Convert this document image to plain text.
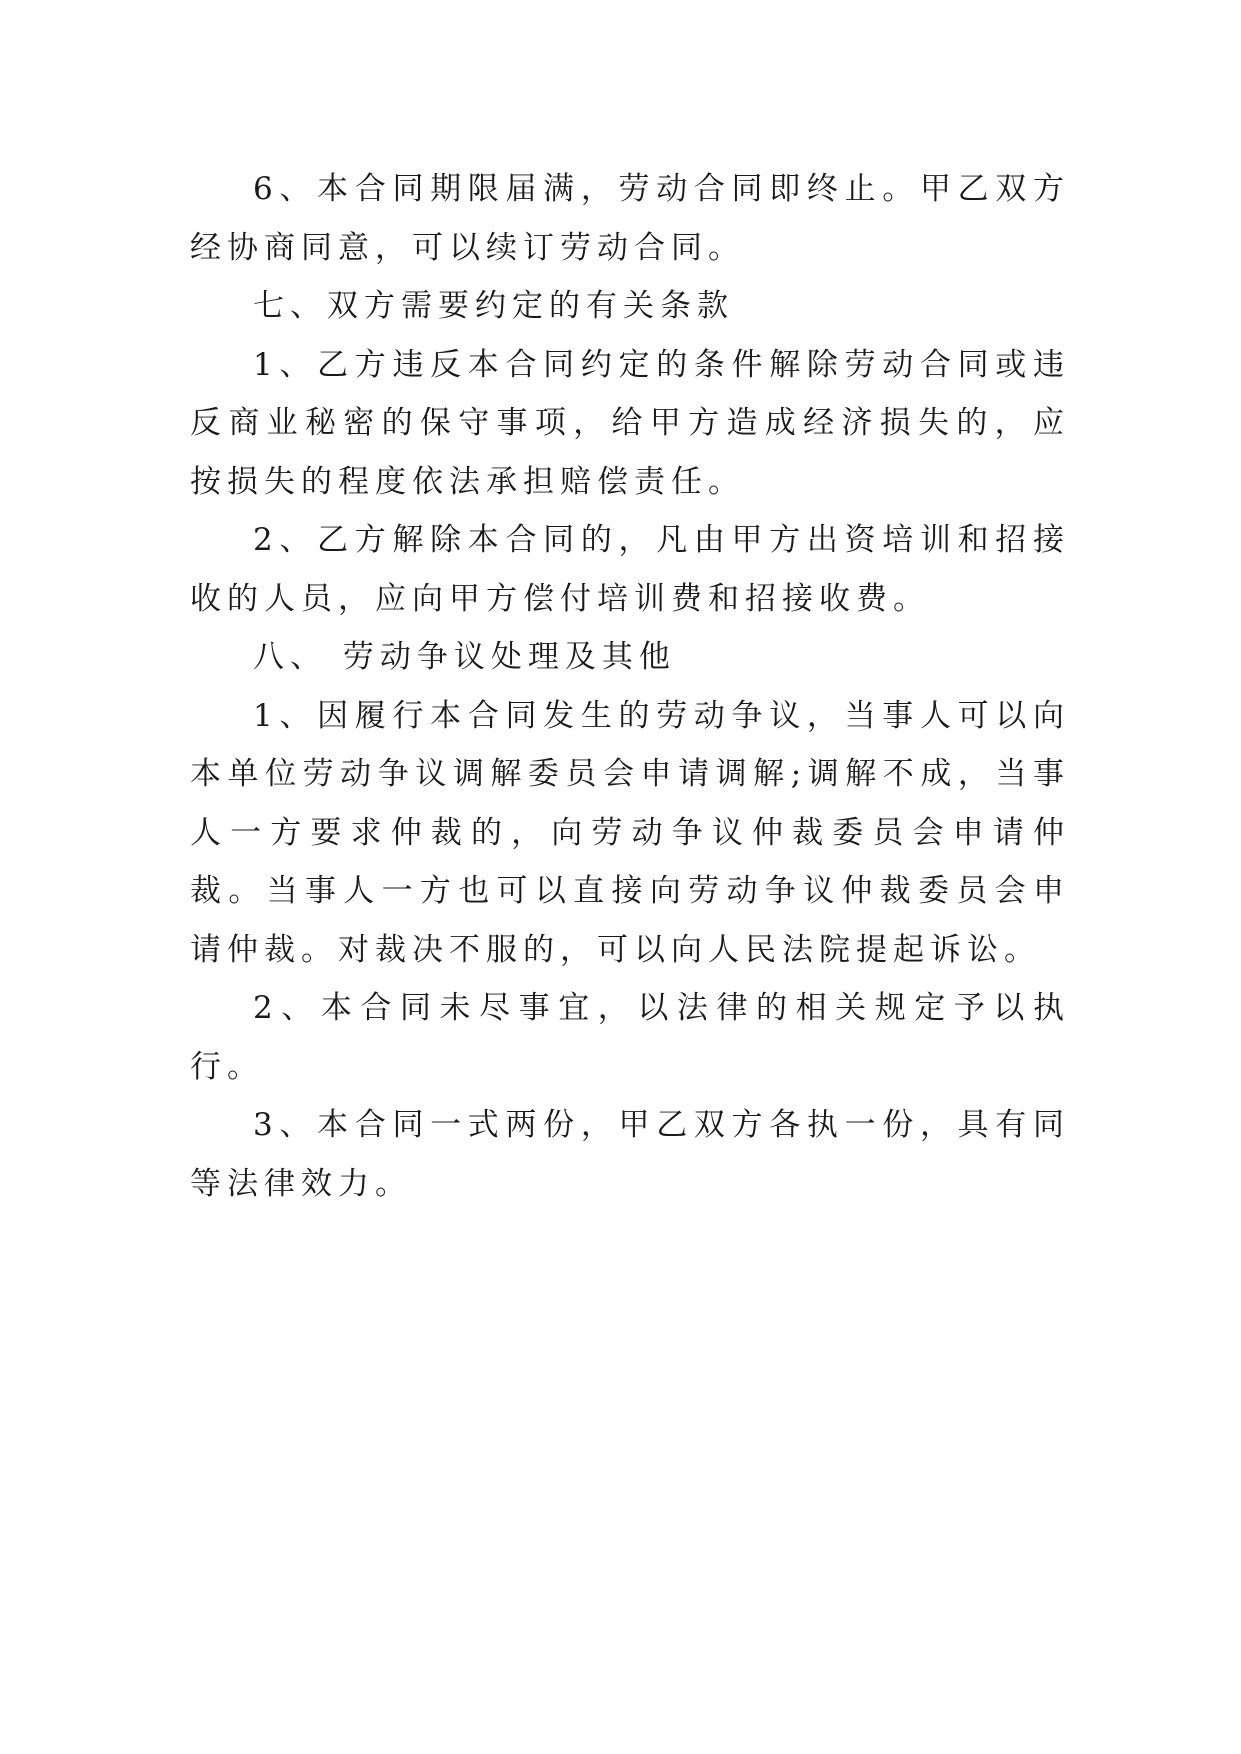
6、本合同期限届满，劳动合同即终止。甲乙双方经协商同意，可以续订劳动合同。

七、双方需要约定的有关条款

1、乙方违反本合同约定的条件解除劳动合同或违反商业秘密的保守事项，给甲方造成经济损失的，应按损失的程度依法承担赔偿责任。

2、乙方解除本合同的，凡由甲方出资培训和招接收的人员，应向甲方偿付培训费和招接收费。

八、 劳动争议处理及其他

1、因履行本合同发生的劳动争议，当事人可以向本单位劳动争议调解委员会申请调解;调解不成，当事人一方要求仲裁的，向劳动争议仲裁委员会申请仲裁。当事人一方也可以直接向劳动争议仲裁委员会申请仲裁。对裁决不服的，可以向人民法院提起诉讼。

2、本合同未尽事宜，以法律的相关规定予以执行。

3、本合同一式两份，甲乙双方各执一份，具有同等法律效力。
